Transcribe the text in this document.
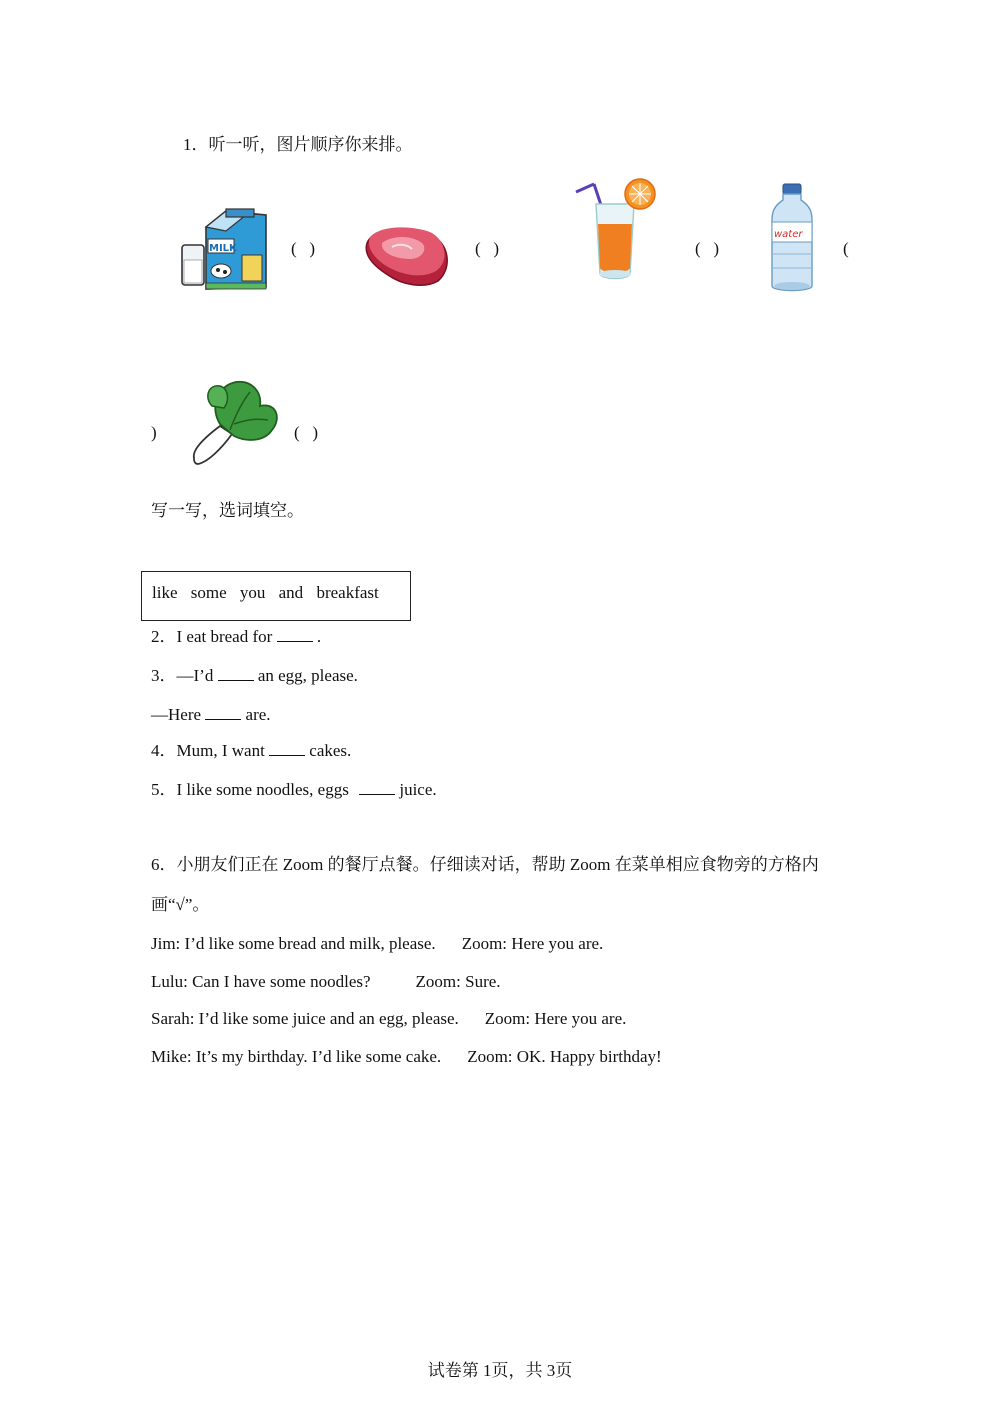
1．听一听，图片顺序你来排。
MILK	(   )	(   )	(   )
water
(
)	(   )
写一写，选词填空。
like some you and breakfast
2．I eat bread for	.
3．—I’d	an egg, please.
—Here	are.
4．Mum, I want	cakes.
5．I like some noodles, eggs	juice.
6．小朋友们正在 Zoom 的餐厅点餐。仔细读对话，帮助 Zoom 在菜单相应食物旁的方格内
画“√”。
Jim: I’d like some bread and milk, please. Zoom: Here you are.
Lulu: Can I have some noodles?	Zoom: Sure.
Sarah: I’d like some juice and an egg, please. Zoom: Here you are.
Mike: It’s my birthday. I’d like some cake. Zoom: OK. Happy birthday!
试卷第 1页，共 3页
